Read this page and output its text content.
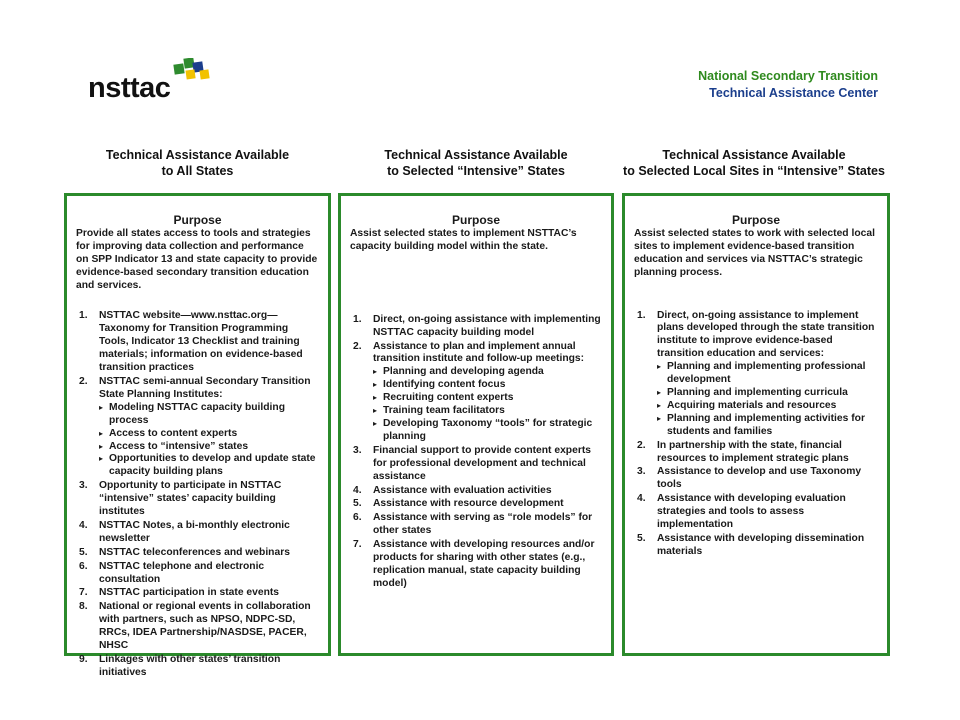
nsttac	National Secondary Transition
Technical Assistance Center
Technical Assistance Available
to All States
Technical Assistance Available
to Selected “Intensive” States
Technical Assistance Available
to Selected Local Sites in “Intensive” States
Purpose

Provide all states access to tools and strategies for improving data collection and performance on SPP Indicator 13 and state capacity to provide evidence-based secondary transition education and services.

1. NSTTAC website—www.nsttac.org—Taxonomy for Transition Programming Tools, Indicator 13 Checklist and training materials; information on evidence-based transition practices
2. NSTTAC semi-annual Secondary Transition State Planning Institutes:
▸ Modeling NSTTAC capacity building process
▸ Access to content experts
▸ Access to “intensive” states
▸ Opportunities to develop and update state capacity building plans
3. Opportunity to participate in NSTTAC “intensive” states’ capacity building institutes
4. NSTTAC Notes, a bi-monthly electronic newsletter
5. NSTTAC teleconferences and webinars
6. NSTTAC telephone and electronic consultation
7. NSTTAC participation in state events
8. National or regional events in collaboration with partners, such as NPSO, NDPC-SD, RRCs, IDEA Partnership/NASDSE, PACER, NHSC
9. Linkages with other states’ transition initiatives
Purpose

Assist selected states to implement NSTTAC’s capacity building model within the state.

1. Direct, on-going assistance with implementing NSTTAC capacity building model
2. Assistance to plan and implement annual transition institute and follow-up meetings:
▸ Planning and developing agenda
▸ Identifying content focus
▸ Recruiting content experts
▸ Training team facilitators
▸ Developing Taxonomy “tools” for strategic planning
3. Financial support to provide content experts for professional development and technical assistance
4. Assistance with evaluation activities
5. Assistance with resource development
6. Assistance with serving as “role models” for other states
7. Assistance with developing resources and/or products for sharing with other states (e.g., replication manual, state capacity building model)
Purpose

Assist selected states to work with selected local sites to implement evidence-based transition education and services via NSTTAC’s strategic planning process.

1. Direct, on-going assistance to implement plans developed through the state transition institute to improve evidence-based transition education and services:
▸ Planning and implementing professional development
▸ Planning and implementing curricula
▸ Acquiring materials and resources
▸ Planning and implementing activities for students and families
2. In partnership with the state, financial resources to implement strategic plans
3. Assistance to develop and use Taxonomy tools
4. Assistance with developing evaluation strategies and tools to assess implementation
5. Assistance with developing dissemination materials
